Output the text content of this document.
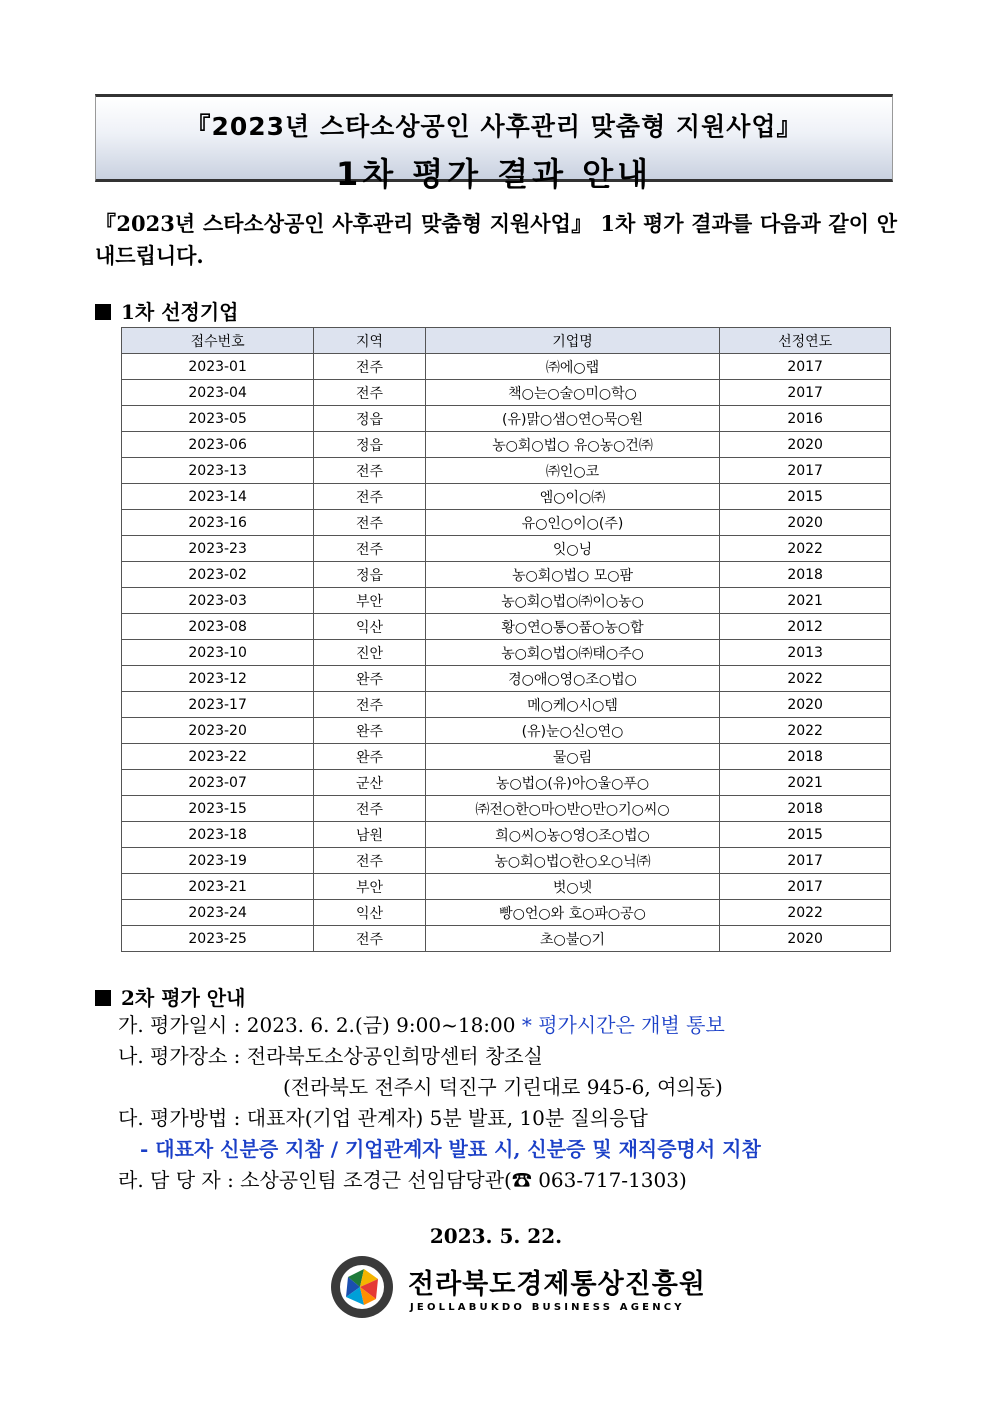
『2023년 스타소상공인 사후관리 맞춤형 지원사업』
1차 평가 결과 안내
『2023년 스타소상공인 사후관리 맞춤형 지원사업』 1차 평가 결과를 다음과 같이 안내드립니다.
1차 선정기업
접수번호	지역	기업명	선정연도
2023-01	전주	㈜에○랩	2017
2023-04	전주	책○는○술○미○학○	2017
2023-05	정읍	(유)맑○샘○연○묵○원	2016
2023-06	정읍	농○회○법○ 유○농○건㈜	2020
2023-13	전주	㈜인○코	2017
2023-14	전주	엠○이○㈜	2015
2023-16	전주	유○인○이○(주)	2020
2023-23	전주	잇○닝	2022
2023-02	정읍	농○회○법○ 모○팜	2018
2023-03	부안	농○회○법○㈜이○농○	2021
2023-08	익산	황○연○통○품○농○합	2012
2023-10	진안	농○회○법○㈜태○주○	2013
2023-12	완주	경○애○영○조○법○	2022
2023-17	전주	메○케○시○템	2020
2023-20	완주	(유)눈○신○연○	2022
2023-22	완주	물○림	2018
2023-07	군산	농○법○(유)아○울○푸○	2021
2023-15	전주	㈜전○한○마○반○만○기○씨○	2018
2023-18	남원	희○씨○농○영○조○법○	2015
2023-19	전주	농○회○법○한○오○닉㈜	2017
2023-21	부안	벗○넷	2017
2023-24	익산	빵○언○와 호○파○공○	2022
2023-25	전주	초○불○기	2020
2차 평가 안내
가. 평가일시 : 2023. 6. 2.(금) 9:00~18:00 * 평가시간은 개별 통보
나. 평가장소 : 전라북도소상공인희망센터 창조실
(전라북도 전주시 덕진구 기린대로 945-6, 여의동)
다. 평가방법 : 대표자(기업 관계자) 5분 발표, 10분 질의응답
- 대표자 신분증 지참 / 기업관계자 발표 시, 신분증 및 재직증명서 지참
라. 담 당 자 : 소상공인팀 조경근 선임담당관(☎ 063-717-1303)
2023. 5. 22.
전라북도경제통상진흥원
JEOLLABUKDO BUSINESS AGENCY
